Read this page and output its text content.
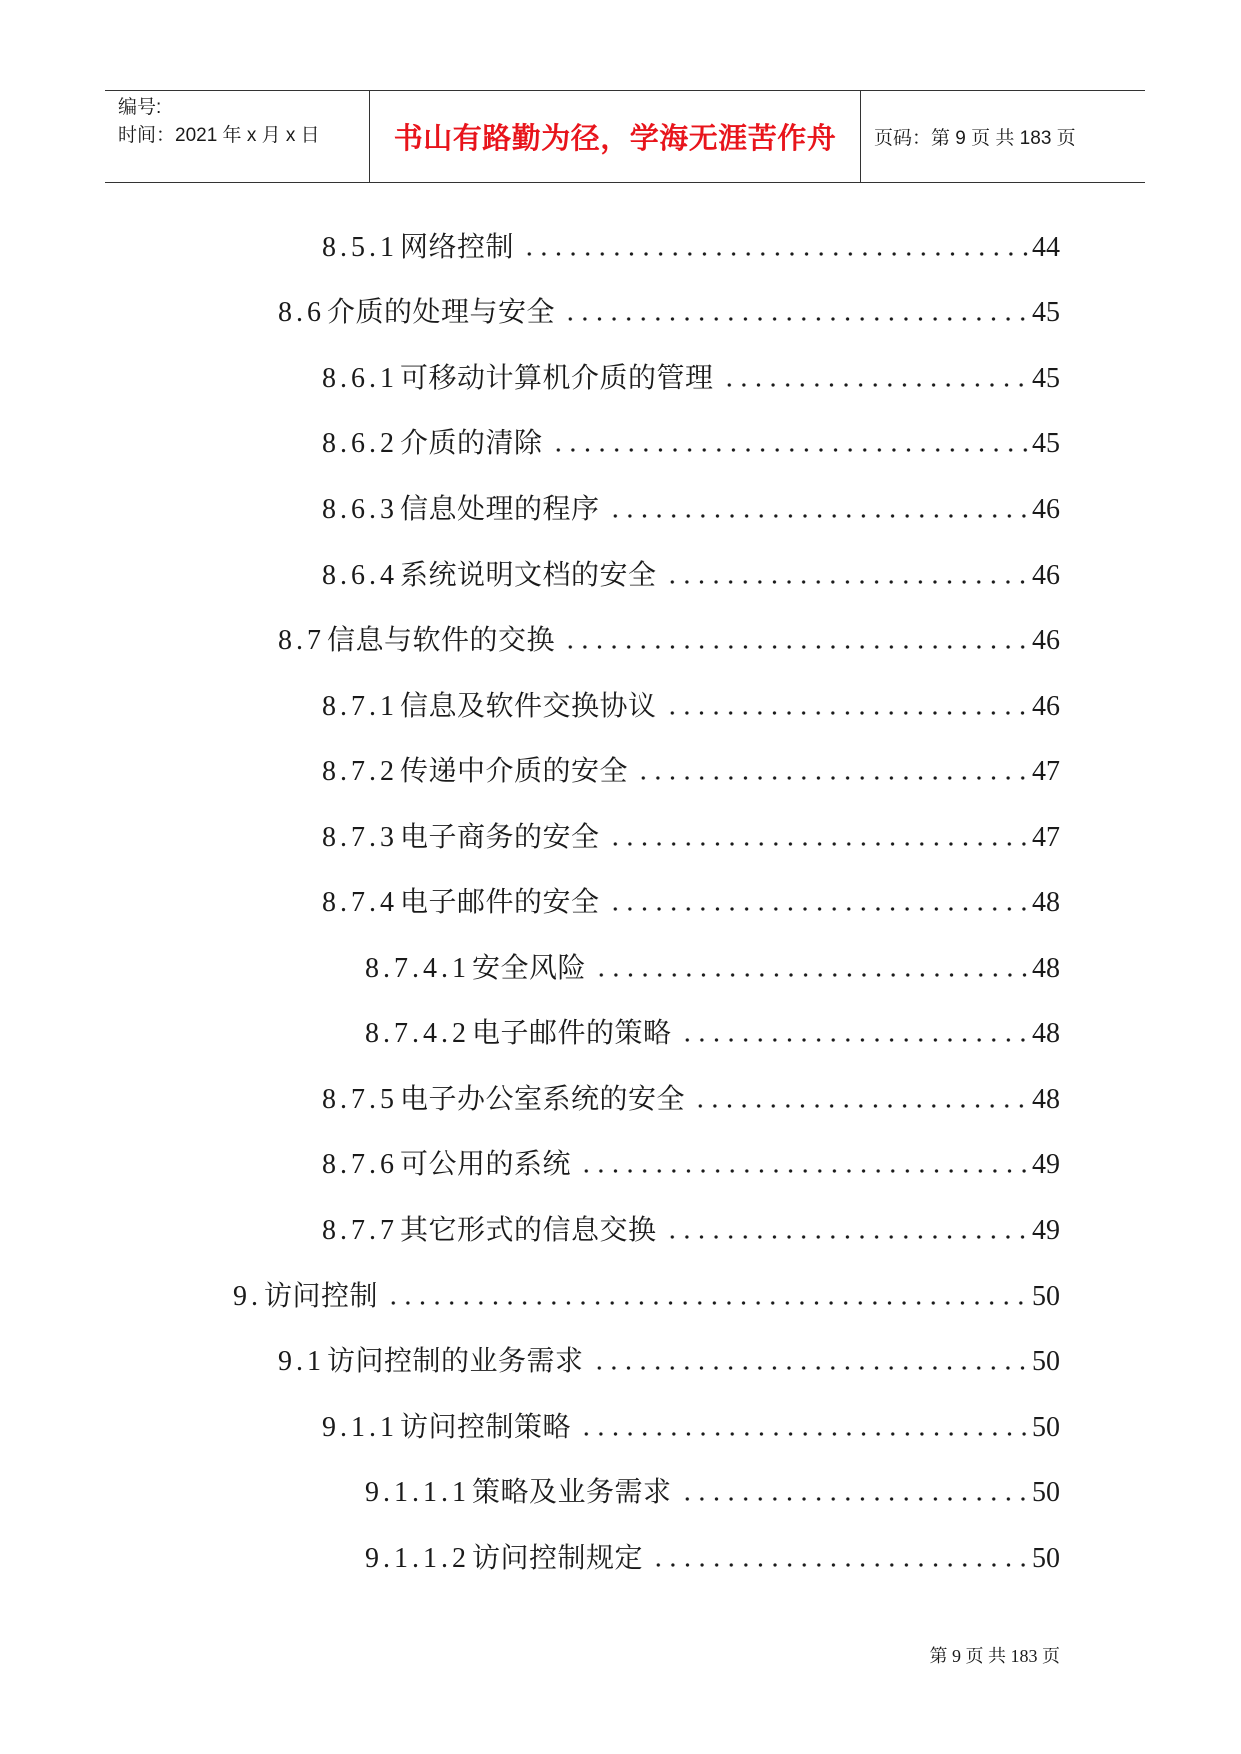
编号:
时间：2021 年 x 月 x 日	书山有路勤为径，学海无涯苦作舟 页码：第 9 页 共 183 页
8.5.1 网络控制	44
8.6 介质的处理与安全	45
8.6.1 可移动计算机介质的管理	45
8.6.2 介质的清除	45
8.6.3 信息处理的程序	46
8.6.4 系统说明文档的安全	46
8.7 信息与软件的交换	46
8.7.1 信息及软件交换协议	46
8.7.2 传递中介质的安全	47
8.7.3 电子商务的安全	47
8.7.4 电子邮件的安全	48
8.7.4.1 安全风险	48
8.7.4.2 电子邮件的策略	48
8.7.5 电子办公室系统的安全	48
8.7.6 可公用的系统	49
8.7.7 其它形式的信息交换	49
9. 访问控制	50
9.1 访问控制的业务需求	50
9.1.1 访问控制策略	50
9.1.1.1 策略及业务需求	50
9.1.1.2 访问控制规定	50
第 9 页 共 183 页
